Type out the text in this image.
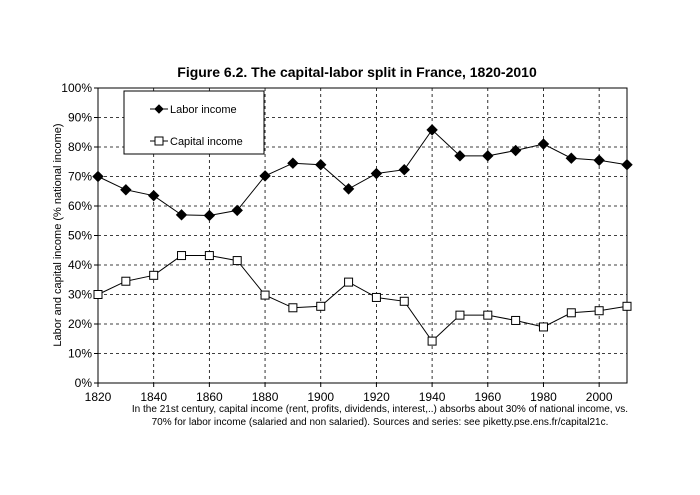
Figure 6.2. The capital-labor split in France, 1820-2010
0%
10%
20%
30%
40%
50%
60%
70%
80%
90%
100%
1820 1840 1860 1880 1900 1920 1940 1960 1980 2000
Labor and capital income (% national income)
Labor income
Capital income
In the 21st century, capital income (rent, profits, dividends, interest,..) absorbs about 30% of national income, vs.
70% for labor income (salaried and non salaried). Sources and series: see piketty.pse.ens.fr/capital21c.
